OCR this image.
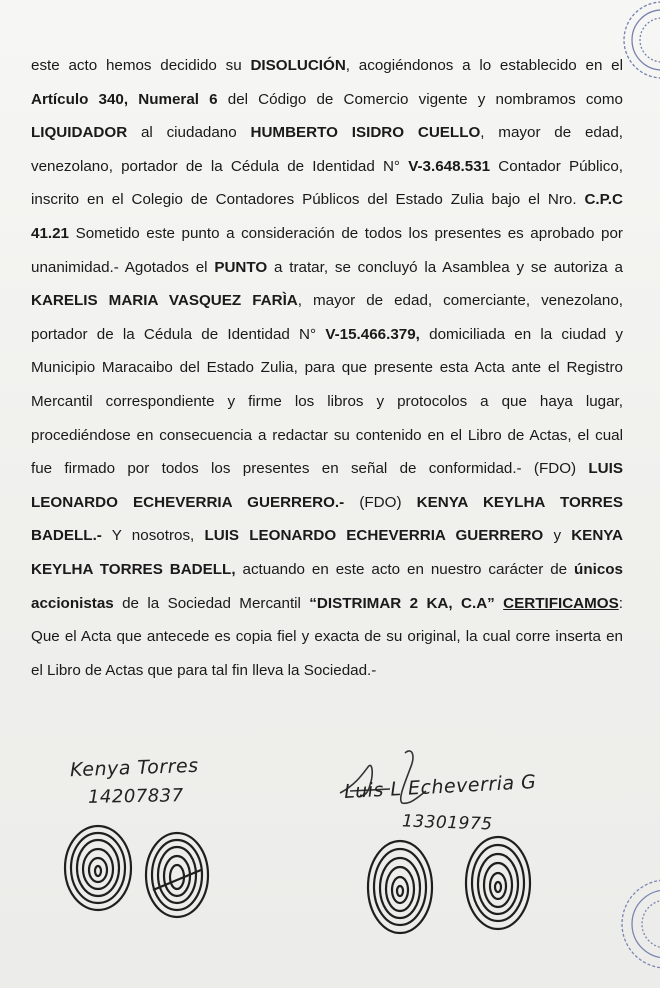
este acto hemos decidido su DISOLUCIÓN, acogiéndonos a lo establecido en el
Artículo 340, Numeral 6 del Código de Comercio vigente y nombramos como
LIQUIDADOR al ciudadano HUMBERTO ISIDRO CUELLO, mayor de edad,
venezolano, portador de la Cédula de Identidad N° V-3.648.531 Contador Público,
inscrito en el Colegio de Contadores Públicos del Estado Zulia bajo el Nro. C.P.C
41.21 Sometido este punto a consideración de todos los presentes es aprobado por
unanimidad.- Agotados el PUNTO a tratar, se concluyó la Asamblea y se autoriza a
KARELIS MARIA VASQUEZ FARÌA, mayor de edad, comerciante, venezolano,
portador de la Cédula de Identidad N° V-15.466.379, domiciliada en la ciudad y
Municipio Maracaibo del Estado Zulia, para que presente esta Acta ante el Registro
Mercantil correspondiente y firme los libros y protocolos a que haya lugar,
procediéndose en consecuencia a redactar su contenido en el Libro de Actas, el cual
fue firmado por todos los presentes en señal de conformidad.- (FDO) LUIS
LEONARDO ECHEVERRIA GUERRERO.- (FDO) KENYA KEYLHA TORRES
BADELL.- Y nosotros, LUIS LEONARDO ECHEVERRIA GUERRERO y KENYA
KEYLHA TORRES BADELL, actuando en este acto en nuestro carácter de únicos
accionistas de la Sociedad Mercantil “DISTRIMAR 2 KA, C.A” CERTIFICAMOS:
Que el Acta que antecede es copia fiel y exacta de su original, la cual corre inserta en
el Libro de Actas que para tal fin lleva la Sociedad.-
Kenya Torres
14207837	Luis L Echeverria G
13301975
